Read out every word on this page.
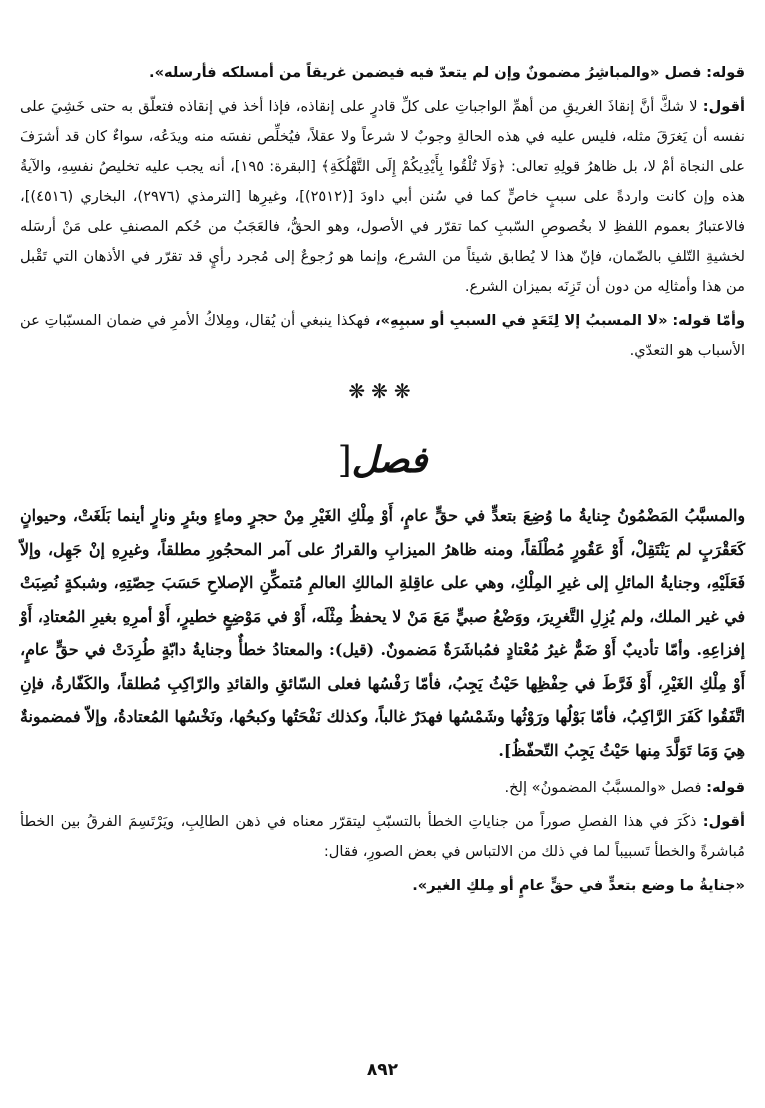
قوله: فصل «والمباشِرُ مضمونٌ وإن لم يتعدّ فيه فيضمن غريقاً من أمسلكه فأرسله».

أقول: لا شكَّ أنَّ إنقاذَ الغريقِ من أهمِّ الواجباتِ على كلِّ قادرٍ على إنقاذه، فإذا أخذ في إنقاذه فتعلّق به حتى خَشِيَ على نفسه أن يَغرَقَ مثله، فليس عليه في هذه الحالةِ وجوبٌ لا شرعاً ولا عقلاً، فيُخلِّص نفسَه منه ويدَعُه، سواءٌ كان قد أشرَفَ على النجاة أمْ لا، بل ظاهرُ قولِهِ تعالى: ﴿وَلَا تُلْقُوا بِأَيْدِيكُمْ إِلَى التَّهْلُكَةِ﴾ [البقرة: ١٩٥]، أنه يجب عليه تخليصُ نفسِهِ، والآيةُ هذه وإن كانت واردةً على سببٍ خاصٍّ كما في سُنن أبي داودَ [(٢٥١٢)]، وغيرِها [الترمذي (٢٩٧٦)، البخاري (٤٥١٦)]، فالاعتبارُ بعموم اللفظِ لا بخُصوصِ السّببِ كما تقرّر في الأصول، وهو الحقُّ، فالعَجَبُ من حُكم المصنفِ على مَنْ أرسَله لخشيةِ التّلفِ بالضّمان، فإنّ هذا لا يُطابق شيئاً من الشرع، وإنما هو رُجوعٌ إلى مُجرد رأيٍ قد تقرّر في الأذهان التي تَقْبل من هذا وأمثالِه من دون أن تَزِنَه بميزان الشرع.

وأمّا قوله: «لا المسببُ إلا لِتَعَدٍ في السببِ أو سببِهِ»، فهكذا ينبغي أن يُقال، ومِلاكُ الأمرِ في ضمان المسبّباتِ عن الأسباب هو التعدّي.

❋❋❋
فصل[

والمسبَّبُ المَضْمُونُ جِنايةُ ما وُضِعَ بتعدٍّ في حقٍّ عامٍ، أَوْ مِلْكِ الغَيْرِ مِنْ حجرٍ وماءٍ وبئرٍ ونارٍ أينما بَلَغَتْ، وحيوانٍ كَعَقْرَبٍ لم يَنْتَقِلْ، أَوْ عَقُورٍ مُطْلَقاً، ومنه ظاهرُ الميزابِ والقرارُ على آمر المحجُورِ مطلقاً، وغيرِهِ إنْ جَهِل، وإلاّ فَعَلَيْهِ، وجنايةُ المائلِ إلى غيرِ المِلْكِ، وهي على عاقِلةِ المالكِ العالمِ مُتمكِّنِ الإصلاحِ حَسَبَ حِصّتِهِ، وشبكةٍ نُصِبَتْ في غير الملك، ولم يُزِلِ التَّغرِيرَ، ووَضْعُ صبيٍّ مَعَ مَنْ لا يحفظُ مِثْلَه، أَوْ في مَوْضِعٍ خطيرٍ، أَوْ أمرِهِ بغيرِ المُعتادِ، أَوْ إفزاعِهِ. وأمّا تأديبٌ أَوْ ضَمٌّ غيرُ مُعْتادٍ فمُباشَرَةٌ مَضمونٌ. (قيل): والمعتادُ خطأٌ وجنايةُ دابّةٍ طُرِدَتْ في حقٍّ عامٍ، أَوْ مِلْكِ الغَيْرِ، أَوْ فَرَّطَ في حِفْظِها حَيْثُ يَجِبُ، فأمّا رَفْسُها فعلى السّائقِ والقائدِ والرّاكِبِ مُطلقاً، والكَفّارةُ، فإنِ اتَّفَقُوا كَفَرَ الرَّاكِبُ، فأمّا بَوْلُها ورَوْثُها وشَمْسُها فهدَرٌ غالباً، وكذلك نَفْحَتُها وكبحُها، ونَخْسُها المُعتادةُ، وإلاّ فمضمونةٌ هِيَ وَمَا تَوَلَّدَ مِنها حَيْثُ يَجِبُ التّحفّظُ].

قوله: فصل «والمسبَّبُ المضمونُ» إلخ.

أقول: ذكَرَ في هذا الفصلِ صوراً من جناياتِ الخطأ بالتسبّبِ ليتقرّر معناه في ذهن الطالِبِ، ويَرْتَسِمَ الفرقُ بين الخطأ مُباشرةً والخطأ تَسبيباً لما في ذلك من الالتباس في بعض الصورِ، فقال:

«جنايةُ ما وضع بتعدٍّ في حقٍّ عامٍ أو مِلكِ الغير».

٨٩٢
